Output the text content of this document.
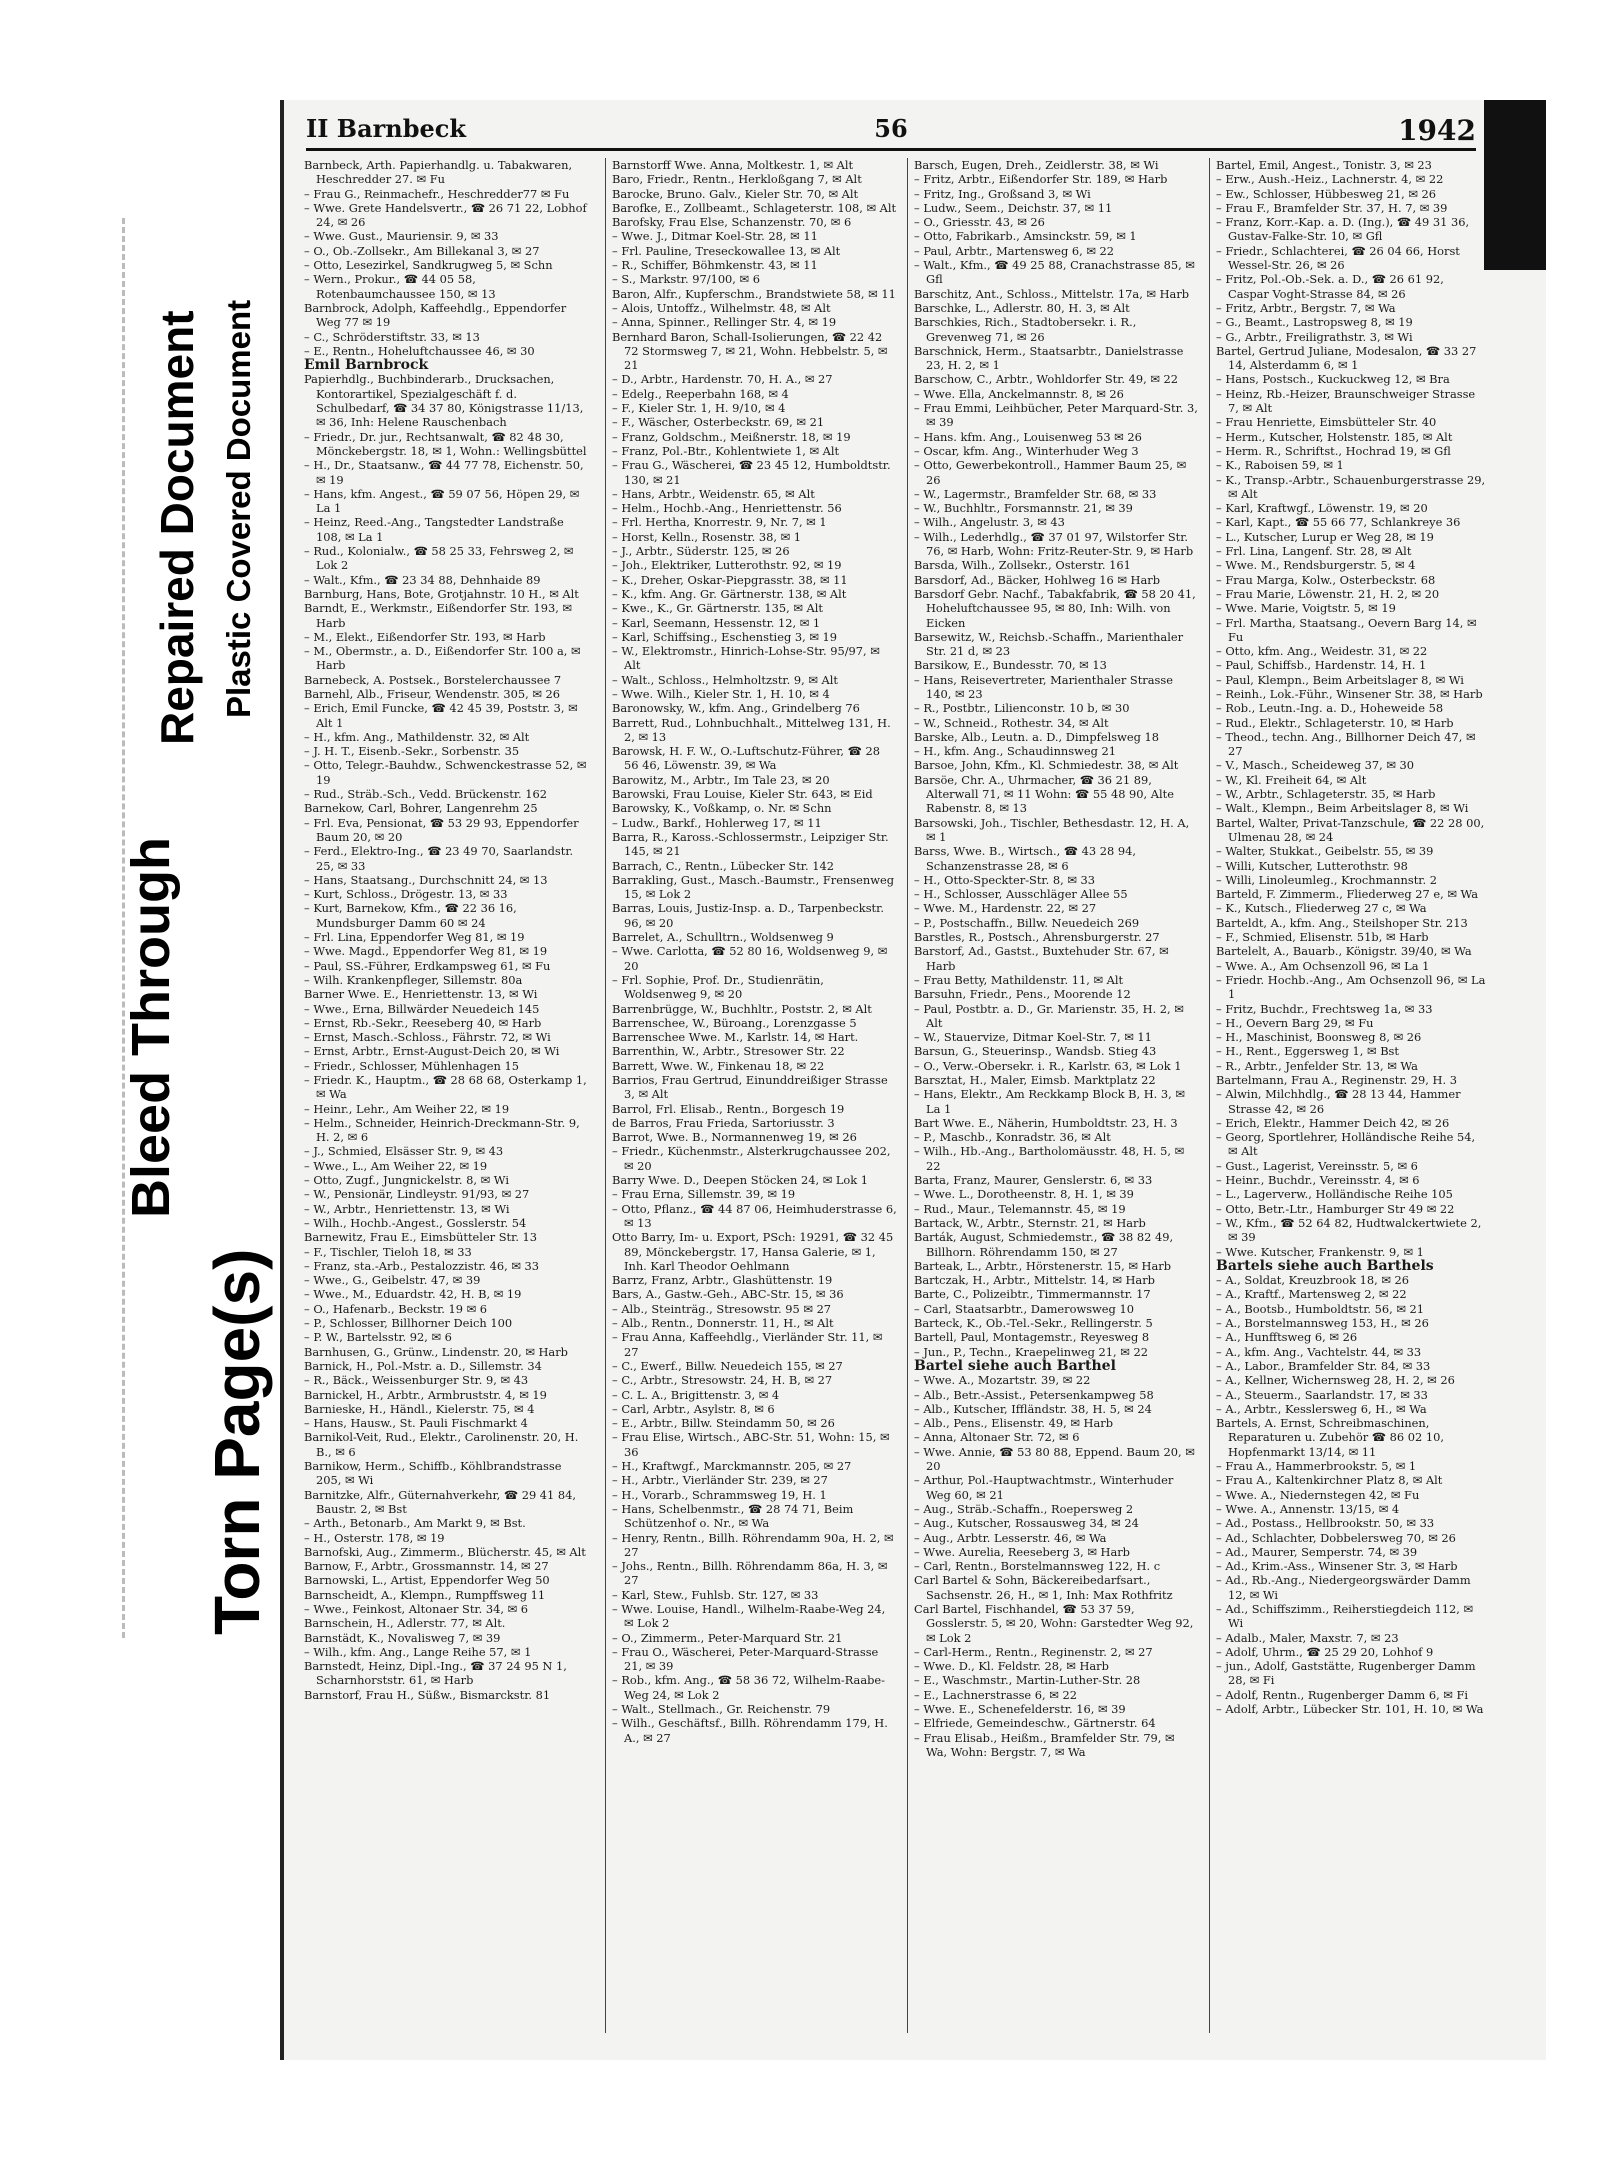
Torn Page(s)
Bleed Through
Repaired Document Plastic Covered Document
II Barnbeck	56	1942

Barnbeck, Arth. Papierhandlg. u. Tabakwaren, Heschredder 27. ✉ Fu

– Frau G., Reinmachefr., Heschredder77 ✉ Fu

– Wwe. Grete Handelsvertr., ☎ 26 71 22, Lobhof 24, ✉ 26

– Wwe. Gust., Mauriensir. 9, ✉ 33

– O., Ob.-Zollsekr., Am Billekanal 3, ✉ 27

– Otto, Lesezirkel, Sandkrugweg 5, ✉ Schn

– Wern., Prokur., ☎ 44 05 58, Rotenbaumchaussee 150, ✉ 13

Barnbrock, Adolph, Kaffeehdlg., Eppendorfer Weg 77 ✉ 19

– C., Schröderstiftstr. 33, ✉ 13

– E., Rentn., Hoheluftchaussee 46, ✉ 30

Emil Barnbrock

Papierhdlg., Buchbinderarb., Drucksachen, Kontorartikel, Spezialgeschäft f. d. Schulbedarf, ☎ 34 37 80, Königstrasse 11/13, ✉ 36, Inh: Helene Rauschenbach

– Friedr., Dr. jur., Rechtsanwalt, ☎ 82 48 30, Mönckebergstr. 18, ✉ 1, Wohn.: Wellingsbüttel

– H., Dr., Staatsanw., ☎ 44 77 78, Eichenstr. 50, ✉ 19

– Hans, kfm. Angest., ☎ 59 07 56, Höpen 29, ✉ La 1

– Heinz, Reed.-Ang., Tangstedter Landstraße 108, ✉ La 1

– Rud., Kolonialw., ☎ 58 25 33, Fehrsweg 2, ✉ Lok 2

– Walt., Kfm., ☎ 23 34 88, Dehnhaide 89

Barnburg, Hans, Bote, Grotjahnstr. 10 H., ✉ Alt

Barndt, E., Werkmstr., Eißendorfer Str. 193, ✉ Harb

– M., Elekt., Eißendorfer Str. 193, ✉ Harb

– M., Obermstr., a. D., Eißendorfer Str. 100 a, ✉ Harb

Barnebeck, A. Postsek., Borstelerchaussee 7

Barnehl, Alb., Friseur, Wendenstr. 305, ✉ 26

– Erich, Emil Funcke, ☎ 42 45 39, Poststr. 3, ✉ Alt 1

– H., kfm. Ang., Mathildenstr. 32, ✉ Alt

– J. H. T., Eisenb.-Sekr., Sorbenstr. 35

– Otto, Telegr.-Bauhdw., Schwenckestrasse 52, ✉ 19

– Rud., Sträb.-Sch., Vedd. Brückenstr. 162

Barnekow, Carl, Bohrer, Langenrehm 25

– Frl. Eva, Pensionat, ☎ 53 29 93, Eppendorfer Baum 20, ✉ 20

– Ferd., Elektro-Ing., ☎ 23 49 70, Saarlandstr. 25, ✉ 33

– Hans, Staatsang., Durchschnitt 24, ✉ 13

– Kurt, Schloss., Drögestr. 13, ✉ 33

– Kurt, Barnekow, Kfm., ☎ 22 36 16, Mundsburger Damm 60 ✉ 24

– Frl. Lina, Eppendorfer Weg 81, ✉ 19

– Wwe. Magd., Eppendorfer Weg 81, ✉ 19

– Paul, SS.-Führer, Erdkampsweg 61, ✉ Fu

– Wilh. Krankenpfleger, Sillemstr. 80a

Barner Wwe. E., Henriettenstr. 13, ✉ Wi

– Wwe., Erna, Billwärder Neuedeich 145

– Ernst, Rb.-Sekr., Reeseberg 40, ✉ Harb

– Ernst, Masch.-Schloss., Fährstr. 72, ✉ Wi

– Ernst, Arbtr., Ernst-August-Deich 20, ✉ Wi

– Friedr., Schlosser, Mühlenhagen 15

– Friedr. K., Hauptm., ☎ 28 68 68, Osterkamp 1, ✉ Wa

– Heinr., Lehr., Am Weiher 22, ✉ 19

– Helm., Schneider, Heinrich-Dreckmann-Str. 9, H. 2, ✉ 6

– J., Schmied, Elsässer Str. 9, ✉ 43

– Wwe., L., Am Weiher 22, ✉ 19

– Otto, Zugf., Jungnickelstr. 8, ✉ Wi

– W., Pensionär, Lindleystr. 91/93, ✉ 27

– W., Arbtr., Henriettenstr. 13, ✉ Wi

– Wilh., Hochb.-Angest., Gosslerstr. 54

Barnewitz, Frau E., Eimsbütteler Str. 13

– F., Tischler, Tieloh 18, ✉ 33

– Franz, sta.-Arb., Pestalozzistr. 46, ✉ 33

– Wwe., G., Geibelstr. 47, ✉ 39

– Wwe., M., Eduardstr. 42, H. B, ✉ 19

– O., Hafenarb., Beckstr. 19 ✉ 6

– P., Schlosser, Billhorner Deich 100

– P. W., Bartelsstr. 92, ✉ 6

Barnhusen, G., Grünw., Lindenstr. 20, ✉ Harb

Barnick, H., Pol.-Mstr. a. D., Sillemstr. 34

– R., Bäck., Weissenburger Str. 9, ✉ 43

Barnickel, H., Arbtr., Armbruststr. 4, ✉ 19

Barnieske, H., Händl., Kielerstr. 75, ✉ 4

– Hans, Hausw., St. Pauli Fischmarkt 4

Barnikol-Veit, Rud., Elektr., Carolinenstr. 20, H. B., ✉ 6

Barnikow, Herm., Schiffb., Köhlbrandstrasse 205, ✉ Wi

Barnitzke, Alfr., Güternahverkehr, ☎ 29 41 84, Baustr. 2, ✉ Bst

– Arth., Betonarb., Am Markt 9, ✉ Bst.

– H., Osterstr. 178, ✉ 19

Barnofski, Aug., Zimmerm., Blücherstr. 45, ✉ Alt

Barnow, F., Arbtr., Grossmannstr. 14, ✉ 27

Barnowski, L., Artist, Eppendorfer Weg 50

Barnscheidt, A., Klempn., Rumpffsweg 11

– Wwe., Feinkost, Altonaer Str. 34, ✉ 6

Barnschein, H., Adlerstr. 77, ✉ Alt.

Barnstädt, K., Novalisweg 7, ✉ 39

– Wilh., kfm. Ang., Lange Reihe 57, ✉ 1

Barnstedt, Heinz, Dipl.-Ing., ☎ 37 24 95 N 1, Scharnhorststr. 61, ✉ Harb

Barnstorf, Frau H., Süßw., Bismarckstr. 81

Barnstorff Wwe. Anna, Moltkestr. 1, ✉ Alt

Baro, Friedr., Rentn., Herkloßgang 7, ✉ Alt

Barocke, Bruno. Galv., Kieler Str. 70, ✉ Alt

Barofke, E., Zollbeamt., Schlageterstr. 108, ✉ Alt

Barofsky, Frau Else, Schanzenstr. 70, ✉ 6

– Wwe. J., Ditmar Koel-Str. 28, ✉ 11

– Frl. Pauline, Treseckowallee 13, ✉ Alt

– R., Schiffer, Böhmkenstr. 43, ✉ 11

– S., Markstr. 97/100, ✉ 6

Baron, Alfr., Kupferschm., Brandstwiete 58, ✉ 11

– Alois, Untoffz., Wilhelmstr. 48, ✉ Alt

– Anna, Spinner., Rellinger Str. 4, ✉ 19

Bernhard Baron, Schall-Isolierungen, ☎ 22 42 72 Stormsweg 7, ✉ 21, Wohn. Hebbelstr. 5, ✉ 21

– D., Arbtr., Hardenstr. 70, H. A., ✉ 27

– Edelg., Reeperbahn 168, ✉ 4

– F., Kieler Str. 1, H. 9/10, ✉ 4

– F., Wäscher, Osterbeckstr. 69, ✉ 21

– Franz, Goldschm., Meißnerstr. 18, ✉ 19

– Franz, Pol.-Btr., Kohlentwiete 1, ✉ Alt

– Frau G., Wäscherei, ☎ 23 45 12, Humboldtstr. 130, ✉ 21

– Hans, Arbtr., Weidenstr. 65, ✉ Alt

– Helm., Hochb.-Ang., Henriettenstr. 56

– Frl. Hertha, Knorrestr. 9, Nr. 7, ✉ 1

– Horst, Kelln., Rosenstr. 38, ✉ 1

– J., Arbtr., Süderstr. 125, ✉ 26

– Joh., Elektriker, Lutterothstr. 92, ✉ 19

– K., Dreher, Oskar-Piepgrasstr. 38, ✉ 11

– K., kfm. Ang. Gr. Gärtnerstr. 138, ✉ Alt

– Kwe., K., Gr. Gärtnerstr. 135, ✉ Alt

– Karl, Seemann, Hessenstr. 12, ✉ 1

– Karl, Schiffsing., Eschenstieg 3, ✉ 19

– W., Elektromstr., Hinrich-Lohse-Str. 95/97, ✉ Alt

– Walt., Schloss., Helmholtzstr. 9, ✉ Alt

– Wwe. Wilh., Kieler Str. 1, H. 10, ✉ 4

Baronowsky, W., kfm. Ang., Grindelberg 76

Barrett, Rud., Lohnbuchhalt., Mittelweg 131, H. 2, ✉ 13

Barowsk, H. F. W., O.-Luftschutz-Führer, ☎ 28 56 46, Löwenstr. 39, ✉ Wa

Barowitz, M., Arbtr., Im Tale 23, ✉ 20

Barowski, Frau Louise, Kieler Str. 643, ✉ Eid

Barowsky, K., Voßkamp, o. Nr. ✉ Schn

– Ludw., Barkf., Hohlerweg 17, ✉ 11

Barra, R., Kaross.-Schlossermstr., Leipziger Str. 145, ✉ 21

Barrach, C., Rentn., Lübecker Str. 142

Barrakling, Gust., Masch.-Baumstr., Frensenweg 15, ✉ Lok 2

Barras, Louis, Justiz-Insp. a. D., Tarpenbeckstr. 96, ✉ 20

Barrelet, A., Schulltrn., Woldsenweg 9

– Wwe. Carlotta, ☎ 52 80 16, Woldsenweg 9, ✉ 20

– Frl. Sophie, Prof. Dr., Studienrätin, Woldsenweg 9, ✉ 20

Barrenbrügge, W., Buchhltr., Poststr. 2, ✉ Alt

Barrenschee, W., Büroang., Lorenzgasse 5

Barrenschee Wwe. M., Karlstr. 14, ✉ Hart.

Barrenthin, W., Arbtr., Stresower Str. 22

Barrett, Wwe. W., Finkenau 18, ✉ 22

Barrios, Frau Gertrud, Einunddreißiger Strasse 3, ✉ Alt

Barrol, Frl. Elisab., Rentn., Borgesch 19

de Barros, Frau Frieda, Sartoriusstr. 3

Barrot, Wwe. B., Normannenweg 19, ✉ 26

– Friedr., Küchenmstr., Alsterkrugchaussee 202, ✉ 20

Barry Wwe. D., Deepen Stöcken 24, ✉ Lok 1

– Frau Erna, Sillemstr. 39, ✉ 19

– Otto, Pflanz., ☎ 44 87 06, Heimhuderstrasse 6, ✉ 13

Otto Barry, Im- u. Export, PSch: 19291, ☎ 32 45 89, Mönckebergstr. 17, Hansa Galerie, ✉ 1, Inh. Karl Theodor Oehlmann

Barrz, Franz, Arbtr., Glashüttenstr. 19

Bars, A., Gastw.-Geh., ABC-Str. 15, ✉ 36

– Alb., Steinträg., Stresowstr. 95 ✉ 27

– Alb., Rentn., Donnerstr. 11, H., ✉ Alt

– Frau Anna, Kaffeehdlg., Vierländer Str. 11, ✉ 27

– C., Ewerf., Billw. Neuedeich 155, ✉ 27

– C., Arbtr., Stresowstr. 24, H. B, ✉ 27

– C. L. A., Brigittenstr. 3, ✉ 4

– Carl, Arbtr., Asylstr. 8, ✉ 6

– E., Arbtr., Billw. Steindamm 50, ✉ 26

– Frau Elise, Wirtsch., ABC-Str. 51, Wohn: 15, ✉ 36

– H., Kraftwgf., Marckmannstr. 205, ✉ 27

– H., Arbtr., Vierländer Str. 239, ✉ 27

– H., Vorarb., Schrammsweg 19, H. 1

– Hans, Schelbenmstr., ☎ 28 74 71, Beim Schützenhof o. Nr., ✉ Wa

– Henry, Rentn., Billh. Röhrendamm 90a, H. 2, ✉ 27

– Johs., Rentn., Billh. Röhrendamm 86a, H. 3, ✉ 27

– Karl, Stew., Fuhlsb. Str. 127, ✉ 33

– Wwe. Louise, Handl., Wilhelm-Raabe-Weg 24, ✉ Lok 2

– O., Zimmerm., Peter-Marquard Str. 21

– Frau O., Wäscherei, Peter-Marquard-Strasse 21, ✉ 39

– Rob., kfm. Ang., ☎ 58 36 72, Wilhelm-Raabe-Weg 24, ✉ Lok 2

– Walt., Stellmach., Gr. Reichenstr. 79

– Wilh., Geschäftsf., Billh. Röhrendamm 179, H. A., ✉ 27

Barsch, Eugen, Dreh., Zeidlerstr. 38, ✉ Wi

– Fritz, Arbtr., Eißendorfer Str. 189, ✉ Harb

– Fritz, Ing., Großsand 3, ✉ Wi

– Ludw., Seem., Deichstr. 37, ✉ 11

– O., Griesstr. 43, ✉ 26

– Otto, Fabrikarb., Amsinckstr. 59, ✉ 1

– Paul, Arbtr., Martensweg 6, ✉ 22

– Walt., Kfm., ☎ 49 25 88, Cranachstrasse 85, ✉ Gfl

Barschitz, Ant., Schloss., Mittelstr. 17a, ✉ Harb

Barschke, L., Adlerstr. 80, H. 3, ✉ Alt

Barschkies, Rich., Stadtobersekr. i. R., Grevenweg 71, ✉ 26

Barschnick, Herm., Staatsarbtr., Danielstrasse 23, H. 2, ✉ 1

Barschow, C., Arbtr., Wohldorfer Str. 49, ✉ 22

– Wwe. Ella, Anckelmannstr. 8, ✉ 26

– Frau Emmi, Leihbücher, Peter Marquard-Str. 3, ✉ 39

– Hans. kfm. Ang., Louisenweg 53 ✉ 26

– Oscar, kfm. Ang., Winterhuder Weg 3

– Otto, Gewerbekontroll., Hammer Baum 25, ✉ 26

– W., Lagermstr., Bramfelder Str. 68, ✉ 33

– W., Buchhltr., Forsmannstr. 21, ✉ 39

– Wilh., Angelustr. 3, ✉ 43

– Wilh., Lederhdlg., ☎ 37 01 97, Wilstorfer Str. 76, ✉ Harb, Wohn: Fritz-Reuter-Str. 9, ✉ Harb

Barsda, Wilh., Zollsekr., Osterstr. 161

Barsdorf, Ad., Bäcker, Hohlweg 16 ✉ Harb

Barsdorf Gebr. Nachf., Tabakfabrik, ☎ 58 20 41, Hoheluftchaussee 95, ✉ 80, Inh: Wilh. von Eicken

Barsewitz, W., Reichsb.-Schaffn., Marienthaler Str. 21 d, ✉ 23

Barsikow, E., Bundesstr. 70, ✉ 13

– Hans, Reisevertreter, Marienthaler Strasse 140, ✉ 23

– R., Postbtr., Lilienconstr. 10 b, ✉ 30

– W., Schneid., Rothestr. 34, ✉ Alt

Barske, Alb., Leutn. a. D., Dimpfelsweg 18

– H., kfm. Ang., Schaudinnsweg 21

Barsoe, John, Kfm., Kl. Schmiedestr. 38, ✉ Alt

Barsöe, Chr. A., Uhrmacher, ☎ 36 21 89, Alterwall 71, ✉ 11 Wohn: ☎ 55 48 90, Alte Rabenstr. 8, ✉ 13

Barsowski, Joh., Tischler, Bethesdastr. 12, H. A, ✉ 1

Barss, Wwe. B., Wirtsch., ☎ 43 28 94, Schanzenstrasse 28, ✉ 6

– H., Otto-Speckter-Str. 8, ✉ 33

– H., Schlosser, Ausschläger Allee 55

– Wwe. M., Hardenstr. 22, ✉ 27

– P., Postschaffn., Billw. Neuedeich 269

Barstles, R., Postsch., Ahrensburgerstr. 27

Barstorf, Ad., Gastst., Buxtehuder Str. 67, ✉ Harb

– Frau Betty, Mathildenstr. 11, ✉ Alt

Barsuhn, Friedr., Pens., Moorende 12

– Paul, Postbtr. a. D., Gr. Marienstr. 35, H. 2, ✉ Alt

– W., Stauervize, Ditmar Koel-Str. 7, ✉ 11

Barsun, G., Steuerinsp., Wandsb. Stieg 43

– O., Verw.-Obersekr. i. R., Karlstr. 63, ✉ Lok 1

Barsztat, H., Maler, Eimsb. Marktplatz 22

– Hans, Elektr., Am Reckkamp Block B, H. 3, ✉ La 1

Bart Wwe. E., Näherin, Humboldtstr. 23, H. 3

– P., Maschb., Konradstr. 36, ✉ Alt

– Wilh., Hb.-Ang., Bartholomäusstr. 48, H. 5, ✉ 22

Barta, Franz, Maurer, Genslerstr. 6, ✉ 33

– Wwe. L., Dorotheenstr. 8, H. 1, ✉ 39

– Rud., Maur., Telemannstr. 45, ✉ 19

Bartack, W., Arbtr., Sternstr. 21, ✉ Harb

Barták, August, Schmiedemstr., ☎ 38 82 49, Billhorn. Röhrendamm 150, ✉ 27

Barteak, L., Arbtr., Hörstenerstr. 15, ✉ Harb

Bartczak, H., Arbtr., Mittelstr. 14, ✉ Harb

Barte, C., Polizeibtr., Timmermannstr. 17

– Carl, Staatsarbtr., Damerowsweg 10

Barteck, K., Ob.-Tel.-Sekr., Rellingerstr. 5

Bartell, Paul, Montagemstr., Reyesweg 8

– Jun., P., Techn., Kraepelinweg 21, ✉ 22

Bartel siehe auch Barthel

– Wwe. A., Mozartstr. 39, ✉ 22

– Alb., Betr.-Assist., Petersenkampweg 58

– Alb., Kutscher, Iffländstr. 38, H. 5, ✉ 24

– Alb., Pens., Elisenstr. 49, ✉ Harb

– Anna, Altonaer Str. 72, ✉ 6

– Wwe. Annie, ☎ 53 80 88, Eppend. Baum 20, ✉ 20

– Arthur, Pol.-Hauptwachtmstr., Winterhuder Weg 60, ✉ 21

– Aug., Sträb.-Schaffn., Roepersweg 2

– Aug., Kutscher, Rossausweg 34, ✉ 24

– Aug., Arbtr. Lesserstr. 46, ✉ Wa

– Wwe. Aurelia, Reeseberg 3, ✉ Harb

– Carl, Rentn., Borstelmannsweg 122, H. c

Carl Bartel & Sohn, Bäckereibedarfsart., Sachsenstr. 26, H., ✉ 1, Inh: Max Rothfritz

Carl Bartel, Fischhandel, ☎ 53 37 59, Gosslerstr. 5, ✉ 20, Wohn: Garstedter Weg 92, ✉ Lok 2

– Carl-Herm., Rentn., Reginenstr. 2, ✉ 27

– Wwe. D., Kl. Feldstr. 28, ✉ Harb

– E., Waschmstr., Martin-Luther-Str. 28

– E., Lachnerstrasse 6, ✉ 22

– Wwe. E., Schenefelderstr. 16, ✉ 39

– Elfriede, Gemeindeschw., Gärtnerstr. 64

– Frau Elisab., Heißm., Bramfelder Str. 79, ✉ Wa, Wohn: Bergstr. 7, ✉ Wa

Bartel, Emil, Angest., Tonistr. 3, ✉ 23

– Erw., Aush.-Heiz., Lachnerstr. 4, ✉ 22

– Ew., Schlosser, Hübbesweg 21, ✉ 26

– Frau F., Bramfelder Str. 37, H. 7, ✉ 39

– Franz, Korr.-Kap. a. D. (Ing.), ☎ 49 31 36, Gustav-Falke-Str. 10, ✉ Gfl

– Friedr., Schlachterei, ☎ 26 04 66, Horst Wessel-Str. 26, ✉ 26

– Fritz, Pol.-Ob.-Sek. a. D., ☎ 26 61 92, Caspar Voght-Strasse 84, ✉ 26

– Fritz, Arbtr., Bergstr. 7, ✉ Wa

– G., Beamt., Lastropsweg 8, ✉ 19

– G., Arbtr., Freiligrathstr. 3, ✉ Wi

Bartel, Gertrud Juliane, Modesalon, ☎ 33 27 14, Alsterdamm 6, ✉ 1

– Hans, Postsch., Kuckuckweg 12, ✉ Bra

– Heinz, Rb.-Heizer, Braunschweiger Strasse 7, ✉ Alt

– Frau Henriette, Eimsbütteler Str. 40

– Herm., Kutscher, Holstenstr. 185, ✉ Alt

– Herm. R., Schriftst., Hochrad 19, ✉ Gfl

– K., Raboisen 59, ✉ 1

– K., Transp.-Arbtr., Schauenburgerstrasse 29, ✉ Alt

– Karl, Kraftwgf., Löwenstr. 19, ✉ 20

– Karl, Kapt., ☎ 55 66 77, Schlankreye 36

– L., Kutscher, Lurup er Weg 28, ✉ 19

– Frl. Lina, Langenf. Str. 28, ✉ Alt

– Wwe. M., Rendsburgerstr. 5, ✉ 4

– Frau Marga, Kolw., Osterbeckstr. 68

– Frau Marie, Löwenstr. 21, H. 2, ✉ 20

– Wwe. Marie, Voigtstr. 5, ✉ 19

– Frl. Martha, Staatsang., Oevern Barg 14, ✉ Fu

– Otto, kfm. Ang., Weidestr. 31, ✉ 22

– Paul, Schiffsb., Hardenstr. 14, H. 1

– Paul, Klempn., Beim Arbeitslager 8, ✉ Wi

– Reinh., Lok.-Führ., Winsener Str. 38, ✉ Harb

– Rob., Leutn.-Ing. a. D., Hoheweide 58

– Rud., Elektr., Schlageterstr. 10, ✉ Harb

– Theod., techn. Ang., Billhorner Deich 47, ✉ 27

– V., Masch., Scheideweg 37, ✉ 30

– W., Kl. Freiheit 64, ✉ Alt

– W., Arbtr., Schlageterstr. 35, ✉ Harb

– Walt., Klempn., Beim Arbeitslager 8, ✉ Wi

Bartel, Walter, Privat-Tanzschule, ☎ 22 28 00, Ulmenau 28, ✉ 24

– Walter, Stukkat., Geibelstr. 55, ✉ 39

– Willi, Kutscher, Lutterothstr. 98

– Willi, Linoleumleg., Krochmannstr. 2

Barteld, F. Zimmerm., Fliederweg 27 e, ✉ Wa

– K., Kutsch., Fliederweg 27 c, ✉ Wa

Barteldt, A., kfm. Ang., Steilshoper Str. 213

– F., Schmied, Elisenstr. 51b, ✉ Harb

Bartelelt, A., Bauarb., Königstr. 39/40, ✉ Wa

– Wwe. A., Am Ochsenzoll 96, ✉ La 1

– Friedr. Hochb.-Ang., Am Ochsenzoll 96, ✉ La 1

– Fritz, Buchdr., Frechtsweg 1a, ✉ 33

– H., Oevern Barg 29, ✉ Fu

– H., Maschinist, Boonsweg 8, ✉ 26

– H., Rent., Eggersweg 1, ✉ Bst

– R., Arbtr., Jenfelder Str. 13, ✉ Wa

Bartelmann, Frau A., Reginenstr. 29, H. 3

– Alwin, Milchhdlg., ☎ 28 13 44, Hammer Strasse 42, ✉ 26

– Erich, Elektr., Hammer Deich 42, ✉ 26

– Georg, Sportlehrer, Holländische Reihe 54, ✉ Alt

– Gust., Lagerist, Vereinsstr. 5, ✉ 6

– Heinr., Buchdr., Vereinsstr. 4, ✉ 6

– L., Lagerverw., Holländische Reihe 105

– Otto, Betr.-Ltr., Hamburger Str 49 ✉ 22

– W., Kfm., ☎ 52 64 82, Hudtwalckertwiete 2, ✉ 39

– Wwe. Kutscher, Frankenstr. 9, ✉ 1

Bartels siehe auch Barthels

– A., Soldat, Kreuzbrook 18, ✉ 26

– A., Kraftf., Martensweg 2, ✉ 22

– A., Bootsb., Humboldtstr. 56, ✉ 21

– A., Borstelmannsweg 153, H., ✉ 26

– A., Hunfftsweg 6, ✉ 26

– A., kfm. Ang., Vachtelstr. 44, ✉ 33

– A., Labor., Bramfelder Str. 84, ✉ 33

– A., Kellner, Wichernsweg 28, H. 2, ✉ 26

– A., Steuerm., Saarlandstr. 17, ✉ 33

– A., Arbtr., Kesslersweg 6, H., ✉ Wa

Bartels, A. Ernst, Schreibmaschinen, Reparaturen u. Zubehör ☎ 86 02 10, Hopfenmarkt 13/14, ✉ 11

– Frau A., Hammerbrookstr. 5, ✉ 1

– Frau A., Kaltenkirchner Platz 8, ✉ Alt

– Wwe. A., Niedernstegen 42, ✉ Fu

– Wwe. A., Annenstr. 13/15, ✉ 4

– Ad., Postass., Hellbrookstr. 50, ✉ 33

– Ad., Schlachter, Dobbelersweg 70, ✉ 26

– Ad., Maurer, Semperstr. 74, ✉ 39

– Ad., Krim.-Ass., Winsener Str. 3, ✉ Harb

– Ad., Rb.-Ang., Niedergeorgswärder Damm 12, ✉ Wi

– Ad., Schiffszimm., Reiherstiegdeich 112, ✉ Wi

– Adalb., Maler, Maxstr. 7, ✉ 23

– Adolf, Uhrm., ☎ 25 29 20, Lohhof 9

– jun., Adolf, Gaststätte, Rugenberger Damm 28, ✉ Fi

– Adolf, Rentn., Rugenberger Damm 6, ✉ Fi

– Adolf, Arbtr., Lübecker Str. 101, H. 10, ✉ Wa
